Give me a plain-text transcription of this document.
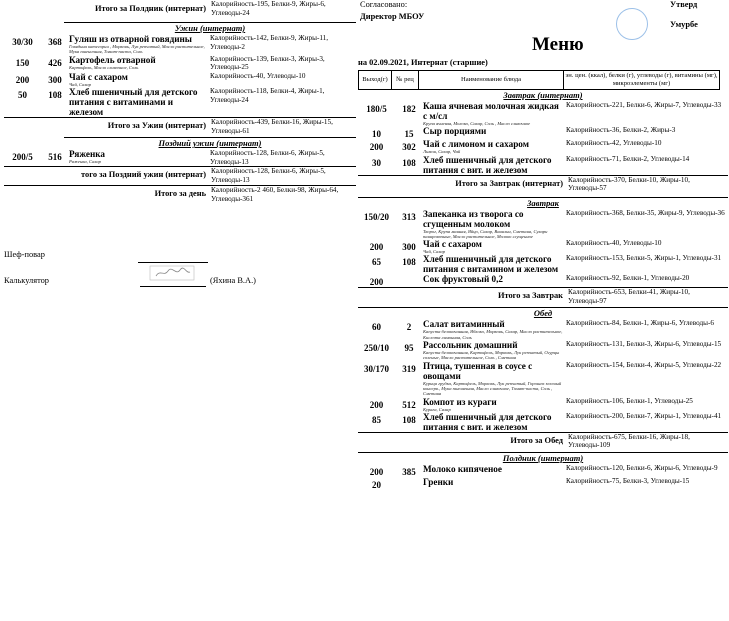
Итого за Полдник (интернат) Калорийность-195, Белки-9, Жиры-6, Углеводы-24
Ужин (интернат)
30/30	368 Гуляш из отварной говядины
Говядина категории , Морковь, Лук репчатый, Масло растительное, Мука пшеничная, Томат-паста, Соль
Калорийность-142, Белки-9, Жиры-11, Углеводы-2
150	426 Картофель отварной
Картофель, Масло сливочное, Соль
Калорийность-139, Белки-3, Жиры-3, Углеводы-25
200	300 Чай с сахаром
Чай, Сахар
Калорийность-40, Углеводы-10
50	108 Хлеб пшеничный для детского питания с витаминами и железом
Калорийность-118, Белки-4, Жиры-1, Углеводы-24
Итого за Ужин (интернат) Калорийность-439, Белки-16, Жиры-15, Углеводы-61
Поздний ужин (интернат)
200/5	516 Ряженка
Ряженка, Сахар
Калорийность-128, Белки-6, Жиры-5, Углеводы-13
того за Поздний ужин (интернат) Калорийность-128, Белки-6, Жиры-5, Углеводы-13
Итого за день Калорийность-2 460, Белки-98, Жиры-64, Углеводы-361
Шеф-повар
Калькулятор	(Яхина В.А.)
Согласовано:
Директор МБОУ
Утверд
Умурбе
Меню
на 02.09.2021, Интернат (старшие)
Выход(г)	№ рец	Наименование блюда	эн. цен. (ккал), белки (г), углеводы (г), витамины (мг), микроэлементы (мг)
Завтрак (интернат)
180/5	182 Каша ячневая молочная жидкая с м/сл
Крупа ячневая, Молоко, Сахар, Соль , Масло сливочное
Калорийность-221, Белки-6, Жиры-7, Углеводы-33
10	15	Сыр порциями	Калорийность-36, Белки-2, Жиры-3
200	302 Чай с лимоном и сахаром
Лимон, Сахар, Чай
Калорийность-42, Углеводы-10
30	108 Хлеб пшеничный для детского питания с вит. и железом
Калорийность-71, Белки-2, Углеводы-14
Итого за Завтрак (интернат) Калорийность-370, Белки-10, Жиры-10, Углеводы-57
Завтрак
150/20	313 Запеканка из творога со сгущенным молоком
Творог, Крупа манная, Яйцо, Сахар, Ванилин, Сметана, Сухари панировочные, Масло растительное, Молоко сгущенное
Калорийность-368, Белки-35, Жиры-9, Углеводы-36
200	300 Чай с сахаром
Чай, Сахар
Калорийность-40, Углеводы-10
65	108 Хлеб пшеничный для детского питания с витамином и железом
Калорийность-153, Белки-5, Жиры-1, Углеводы-31
200	Сок фруктовый 0,2	Калорийность-92, Белки-1, Углеводы-20
Итого за Завтрак Калорийность-653, Белки-41, Жиры-10, Углеводы-97
Обед
60	2	Салат витаминный
Капуста белокочанная, Яблоко, Морковь, Сахар, Масло растительное, Кислота лимонная, Соль
Калорийность-84, Белки-1, Жиры-6, Углеводы-6
250/10	95	Рассольник домашний
Капуста белокочанная, Картофель, Морковь, Лук репчатый, Огурцы соленые, Масло растительное, Соль , Сметана
Калорийность-131, Белки-3, Жиры-6, Углеводы-15
30/170	319 Птица, тушенная в соусе с овощами
Курица грудка, Картофель, Морковь, Лук репчатый, Горошек зеленый консерв., Мука пшеничная, Масло сливочное, Томат-паста, Соль , Сметана
Калорийность-154, Белки-4, Жиры-5, Углеводы-22
200	512 Компот из кураги
Курага, Сахар
Калорийность-106, Белки-1, Углеводы-25
85	108 Хлеб пшеничный для детского питания с вит. и железом
Калорийность-200, Белки-7, Жиры-1, Углеводы-41
Итого за Обед Калорийность-675, Белки-16, Жиры-18, Углеводы-109
Полдник (интернат)
200	385 Молоко кипяченое	Калорийность-120, Белки-6, Жиры-6, Углеводы-9
20	Гренки	Калорийность-75, Белки-3, Углеводы-15
